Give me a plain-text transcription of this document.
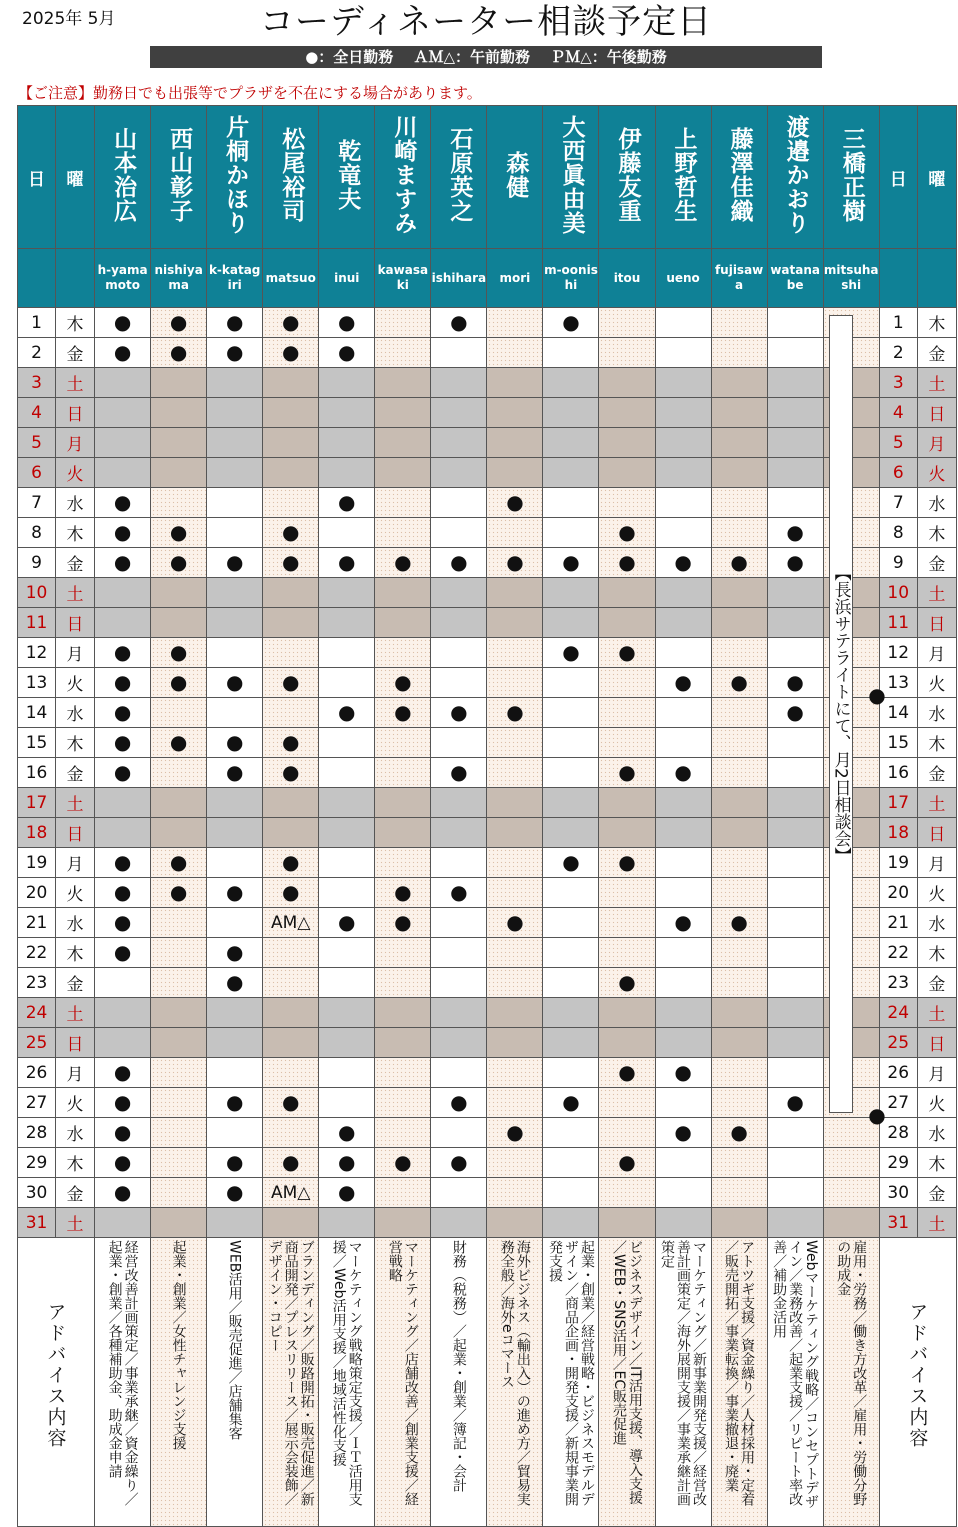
2025年 5月	コーディネーター相談予定日
●：全日勤務　 ＡＭ△：午前勤務　 ＰＭ△：午後勤務
【ご注意】勤務日でも出張等でプラザを不在にする場合があります。
日	曜	山本治広	西山彰子	片桐かほり	松尾裕司	乾竜夫	川崎ますみ	石原英之	森健	大西眞由美	伊藤友重	上野哲生	藤澤佳織	渡邉かおり	三橋正樹	日	曜
		h-yamamoto	nishiyama	k-katagiri	matsuo	inui	kawasaki	ishihara	mori	m-oonishi	itou	ueno	fujisawa	watanabe	mitsuhashi		
1	木	●	●	●	●	●		●		●					【長浜サテライトにて、月2日相談会】	1	木
2	金	●	●	●	●	●										2	金
3	土															3	土
4	日															4	日
5	月															5	月
6	火															6	火
7	水	●				●			●							7	水
8	木	●	●		●						●			●		8	木
9	金	●	●	●	●	●	●	●	●	●	●	●	●	●		9	金
10	土															10	土
11	日															11	日
12	月	●	●							●	●					12	月
13	火	●	●	●	●		●					●	●	●	●	13	火
14	水	●				●	●	●	●					●		14	水
15	木	●	●	●	●											15	木
16	金	●		●	●			●			●	●				16	金
17	土															17	土
18	日															18	日
19	月	●	●		●					●	●					19	月
20	火	●	●	●	●		●	●								20	火
21	水	●			AM△	●	●		●			●	●			21	水
22	木	●		●												22	木
23	金			●							●					23	金
24	土															24	土
25	日															25	日
26	月	●									●	●				26	月
27	火	●		●	●			●		●				●	●	27	火
28	水	●				●			●			●	●			28	水
29	木	●		●	●	●	●	●			●					29	木
30	金	●		●	AM△	●										30	金
31	土															31	土
アドバイス内容		経営改善計画策定／事業承継／資金繰り／起業・創業／各種補助金、助成金申請	起業・創業／女性チャレンジ支援	WEB活用／販売促進／店舗集客	ブランディング／販路開拓・販売促進／新商品開発／プレスリリース／展示会装飾／デザイン・コピー	マーケティング戦略策定支援／ＩＴ活用支援／Web活用支援／地域活性化支援	マーケティング／店舗改善／創業支援／経営戦略	財務（税務）／起業・創業／簿記・会計	海外ビジネス（輸出入）の進め方／貿易実務全般／海外eコマース	起業・創業／経営戦略・ビジネスモデルデザイン／商品企画・開発支援／新規事業開発支援	ビジネスデザイン／IT活用支援、導入支援／WEB・SNS活用／EC販売促進	マーケティング／新事業開発支援／経営改善計画策定／海外展開支援／事業承継計画策定	アトツギ支援／資金繰り／人材採用・定着／販売開拓／事業転換／事業撤退・廃業	Webマーケティング戦略／コンセプトデザイン／業務改善／起業支援／リピート率改善／補助金活用	雇用・労務／働き方改革／雇用・労働分野の助成金	アドバイス内容	
